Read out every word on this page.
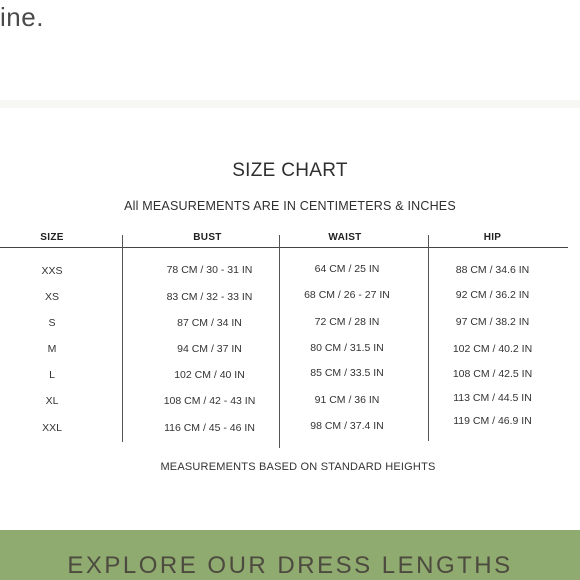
ine.
SIZE CHART
All MEASUREMENTS ARE IN CENTIMETERS & INCHES
SIZE	BUST	WAIST	HIP
XXS	78 CM / 30 - 31 IN	64 CM / 25 IN	88 CM / 34.6 IN
XS	83 CM / 32 - 33 IN	68 CM / 26 - 27 IN	92 CM / 36.2 IN
S	87 CM / 34 IN	72 CM / 28 IN	97 CM / 38.2 IN
M	94 CM / 37 IN	80 CM / 31.5 IN	102 CM / 40.2 IN
L	102 CM / 40 IN	85 CM / 33.5 IN	108 CM / 42.5 IN
XL	108 CM / 42 - 43 IN	91 CM / 36 IN	113 CM / 44.5 IN
XXL	116 CM / 45 - 46 IN	98 CM / 37.4 IN	119 CM / 46.9 IN
MEASUREMENTS BASED ON STANDARD HEIGHTS
EXPLORE OUR DRESS LENGTHS
